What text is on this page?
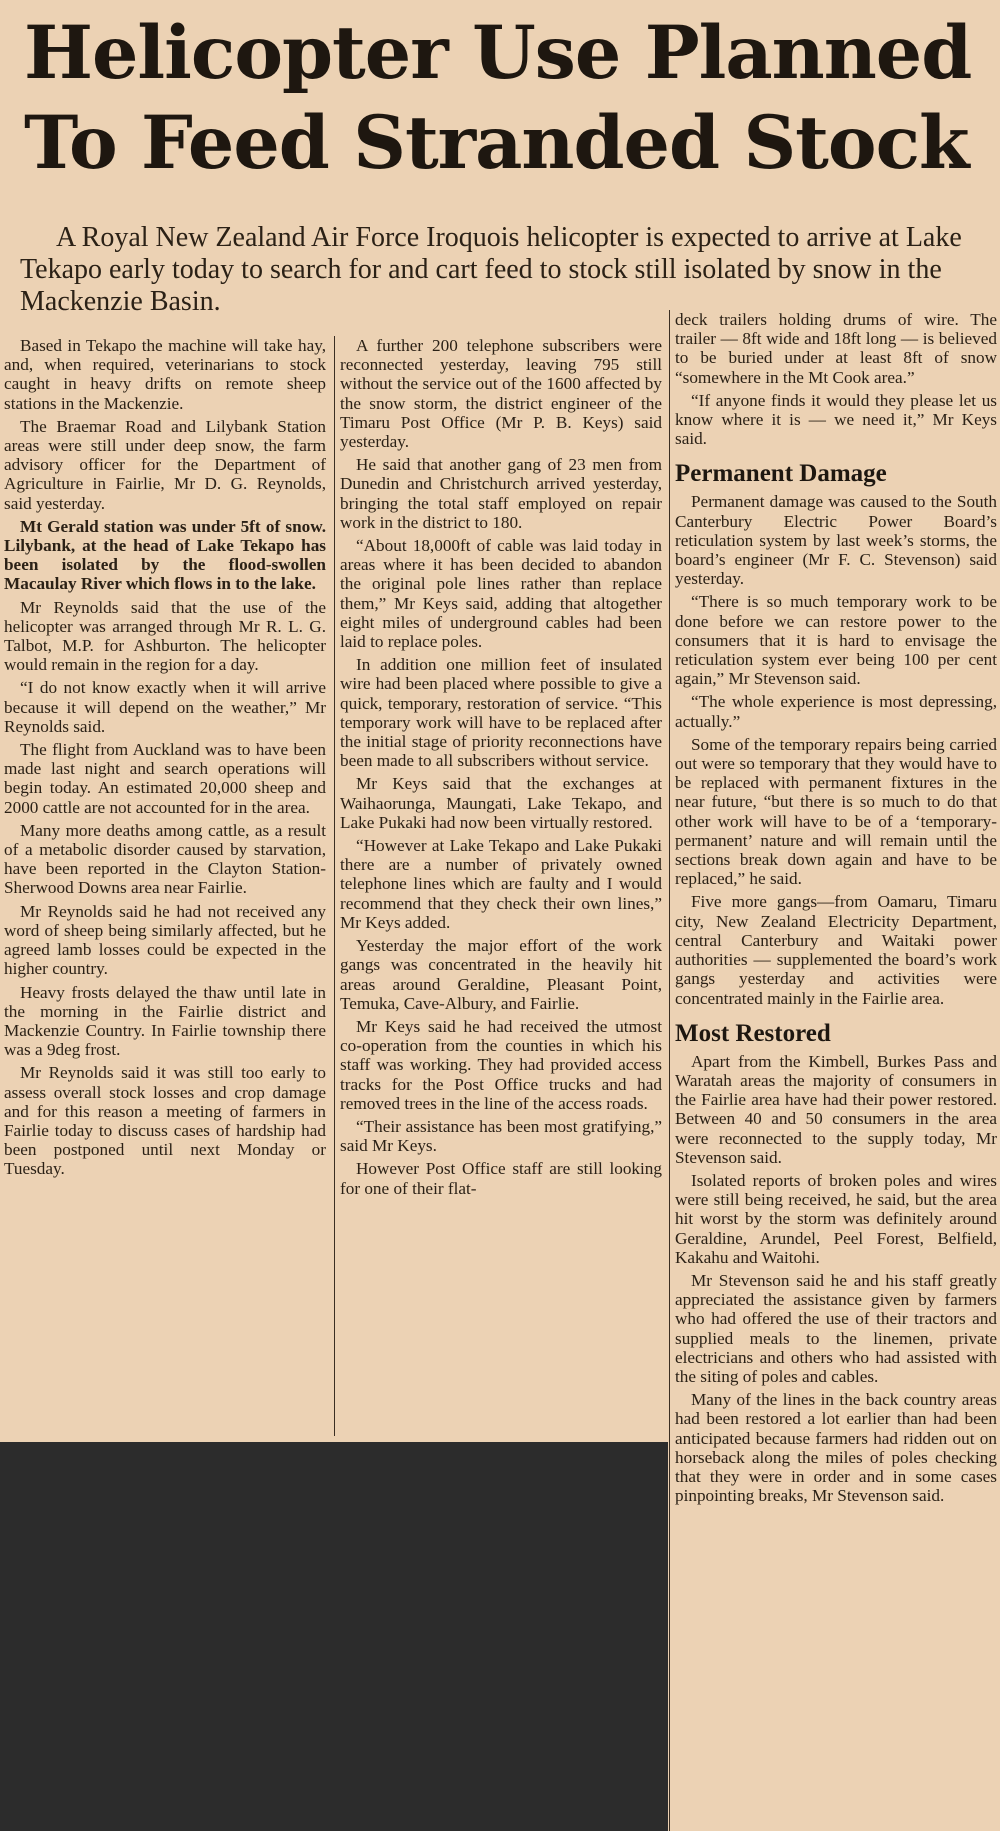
Helicopter Use Planned To Feed Stranded Stock

A Royal New Zealand Air Force Iroquois helicopter is expected to arrive at Lake Tekapo early today to search for and cart feed to stock still isolated by snow in the Mackenzie Basin.

Based in Tekapo the machine will take hay, and, when required, veterinarians to stock caught in heavy drifts on remote sheep stations in the Mackenzie.

The Braemar Road and Lilybank Station areas were still under deep snow, the farm advisory officer for the Department of Agriculture in Fairlie, Mr D. G. Reynolds, said yesterday.

Mt Gerald station was under 5ft of snow. Lilybank, at the head of Lake Tekapo has been isolated by the flood-swollen Macaulay River which flows in to the lake.

Mr Reynolds said that the use of the helicopter was arranged through Mr R. L. G. Talbot, M.P. for Ashburton. The helicopter would remain in the region for a day.

“I do not know exactly when it will arrive because it will depend on the weather,” Mr Reynolds said.

The flight from Auckland was to have been made last night and search operations will begin today. An estimated 20,000 sheep and 2000 cattle are not accounted for in the area.

Many more deaths among cattle, as a result of a metabolic disorder caused by starvation, have been reported in the Clayton Station-Sherwood Downs area near Fairlie.

Mr Reynolds said he had not received any word of sheep being similarly affected, but he agreed lamb losses could be expected in the higher country.

Heavy frosts delayed the thaw until late in the morning in the Fairlie district and Mackenzie Country. In Fairlie township there was a 9deg frost.

Mr Reynolds said it was still too early to assess overall stock losses and crop damage and for this reason a meeting of farmers in Fairlie today to discuss cases of hardship had been postponed until next Monday or Tuesday.

A further 200 telephone subscribers were reconnected yesterday, leaving 795 still without the service out of the 1600 affected by the snow storm, the district engineer of the Timaru Post Office (Mr P. B. Keys) said yesterday.

He said that another gang of 23 men from Dunedin and Christchurch arrived yesterday, bringing the total staff employed on repair work in the district to 180.

“About 18,000ft of cable was laid today in areas where it has been decided to abandon the original pole lines rather than replace them,” Mr Keys said, adding that altogether eight miles of underground cables had been laid to replace poles.

In addition one million feet of insulated wire had been placed where possible to give a quick, temporary, restoration of service. “This temporary work will have to be replaced after the initial stage of priority reconnections have been made to all subscribers without service.

Mr Keys said that the exchanges at Waihaorunga, Maungati, Lake Tekapo, and Lake Pukaki had now been virtually restored.

“However at Lake Tekapo and Lake Pukaki there are a number of privately owned telephone lines which are faulty and I would recommend that they check their own lines,” Mr Keys added.

Yesterday the major effort of the work gangs was concentrated in the heavily hit areas around Geraldine, Pleasant Point, Temuka, Cave-Albury, and Fairlie.

Mr Keys said he had received the utmost co-operation from the counties in which his staff was working. They had provided access tracks for the Post Office trucks and had removed trees in the line of the access roads.

“Their assistance has been most gratifying,” said Mr Keys.

However Post Office staff are still looking for one of their flat-

deck trailers holding drums of wire. The trailer — 8ft wide and 18ft long — is believed to be buried under at least 8ft of snow “somewhere in the Mt Cook area.”

“If anyone finds it would they please let us know where it is — we need it,” Mr Keys said.

Permanent Damage

Permanent damage was caused to the South Canterbury Electric Power Board’s reticulation system by last week’s storms, the board’s engineer (Mr F. C. Stevenson) said yesterday.

“There is so much temporary work to be done before we can restore power to the consumers that it is hard to envisage the reticulation system ever being 100 per cent again,” Mr Stevenson said.

“The whole experience is most depressing, actually.”

Some of the temporary repairs being carried out were so temporary that they would have to be replaced with permanent fixtures in the near future, “but there is so much to do that other work will have to be of a ‘temporary-permanent’ nature and will remain until the sections break down again and have to be replaced,” he said.

Five more gangs—from Oamaru, Timaru city, New Zealand Electricity Department, central Canterbury and Waitaki power authorities — supplemented the board’s work gangs yesterday and activities were concentrated mainly in the Fairlie area.

Most Restored

Apart from the Kimbell, Burkes Pass and Waratah areas the majority of consumers in the Fairlie area have had their power restored. Between 40 and 50 consumers in the area were reconnected to the supply today, Mr Stevenson said.

Isolated reports of broken poles and wires were still being received, he said, but the area hit worst by the storm was definitely around Geraldine, Arundel, Peel Forest, Belfield, Kakahu and Waitohi.

Mr Stevenson said he and his staff greatly appreciated the assistance given by farmers who had offered the use of their tractors and supplied meals to the linemen, private electricians and others who had assisted with the siting of poles and cables.

Many of the lines in the back country areas had been restored a lot earlier than had been anticipated because farmers had ridden out on horseback along the miles of poles checking that they were in order and in some cases pinpointing breaks, Mr Stevenson said.
